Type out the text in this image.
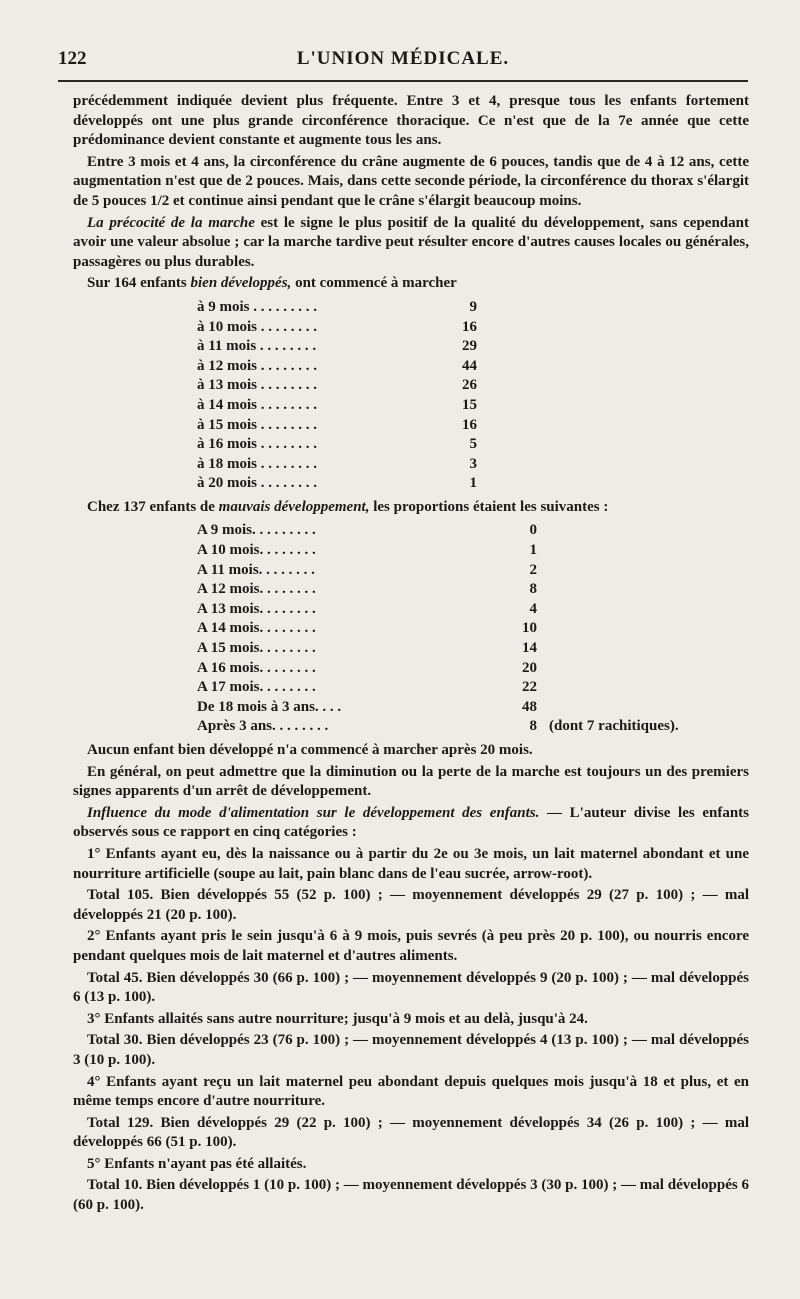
122	L'UNION MÉDICALE.

précédemment indiquée devient plus fréquente. Entre 3 et 4, presque tous les enfants fortement développés ont une plus grande circonférence thoracique. Ce n'est que de la 7e année que cette prédominance devient constante et augmente tous les ans.

Entre 3 mois et 4 ans, la circonférence du crâne augmente de 6 pouces, tandis que de 4 à 12 ans, cette augmentation n'est que de 2 pouces. Mais, dans cette seconde période, la circonférence du thorax s'élargit de 5 pouces 1/2 et continue ainsi pendant que le crâne s'élargit beaucoup moins.

La précocité de la marche est le signe le plus positif de la qualité du développement, sans cependant avoir une valeur absolue ; car la marche tardive peut résulter encore d'autres causes locales ou générales, passagères ou plus durables.

Sur 164 enfants bien développés, ont commencé à marcher

à 9 mois . . . . . . . . .	9
à 10 mois . . . . . . . .	16
à 11 mois . . . . . . . .	29
à 12 mois . . . . . . . .	44
à 13 mois . . . . . . . .	26
à 14 mois . . . . . . . .	15
à 15 mois . . . . . . . .	16
à 16 mois . . . . . . . .	5
à 18 mois . . . . . . . .	3
à 20 mois . . . . . . . .	1

Chez 137 enfants de mauvais développement, les proportions étaient les suivantes :

A 9 mois. . . . . . . . .	0
A 10 mois. . . . . . . .	1
A 11 mois. . . . . . . .	2
A 12 mois. . . . . . . .	8
A 13 mois. . . . . . . .	4
A 14 mois. . . . . . . .	10
A 15 mois. . . . . . . .	14
A 16 mois. . . . . . . .	20
A 17 mois. . . . . . . .	22
De 18 mois à 3 ans. . . .	48
Après 3 ans. . . . . . . .	8 (dont 7 rachitiques).

Aucun enfant bien développé n'a commencé à marcher après 20 mois.

En général, on peut admettre que la diminution ou la perte de la marche est toujours un des premiers signes apparents d'un arrêt de développement.

Influence du mode d'alimentation sur le développement des enfants. — L'auteur divise les enfants observés sous ce rapport en cinq catégories :

1° Enfants ayant eu, dès la naissance ou à partir du 2e ou 3e mois, un lait maternel abondant et une nourriture artificielle (soupe au lait, pain blanc dans de l'eau sucrée, arrow-root).

Total 105. Bien développés 55 (52 p. 100) ; — moyennement développés 29 (27 p. 100) ; — mal développés 21 (20 p. 100).

2° Enfants ayant pris le sein jusqu'à 6 à 9 mois, puis sevrés (à peu près 20 p. 100), ou nourris encore pendant quelques mois de lait maternel et d'autres aliments.

Total 45. Bien développés 30 (66 p. 100) ; — moyennement développés 9 (20 p. 100) ; — mal développés 6 (13 p. 100).

3° Enfants allaités sans autre nourriture; jusqu'à 9 mois et au delà, jusqu'à 24.

Total 30. Bien développés 23 (76 p. 100) ; — moyennement développés 4 (13 p. 100) ; — mal développés 3 (10 p. 100).

4° Enfants ayant reçu un lait maternel peu abondant depuis quelques mois jusqu'à 18 et plus, et en même temps encore d'autre nourriture.

Total 129. Bien développés 29 (22 p. 100) ; — moyennement développés 34 (26 p. 100) ; — mal développés 66 (51 p. 100).

5° Enfants n'ayant pas été allaités.

Total 10. Bien développés 1 (10 p. 100) ; — moyennement développés 3 (30 p. 100) ; — mal développés 6 (60 p. 100).
